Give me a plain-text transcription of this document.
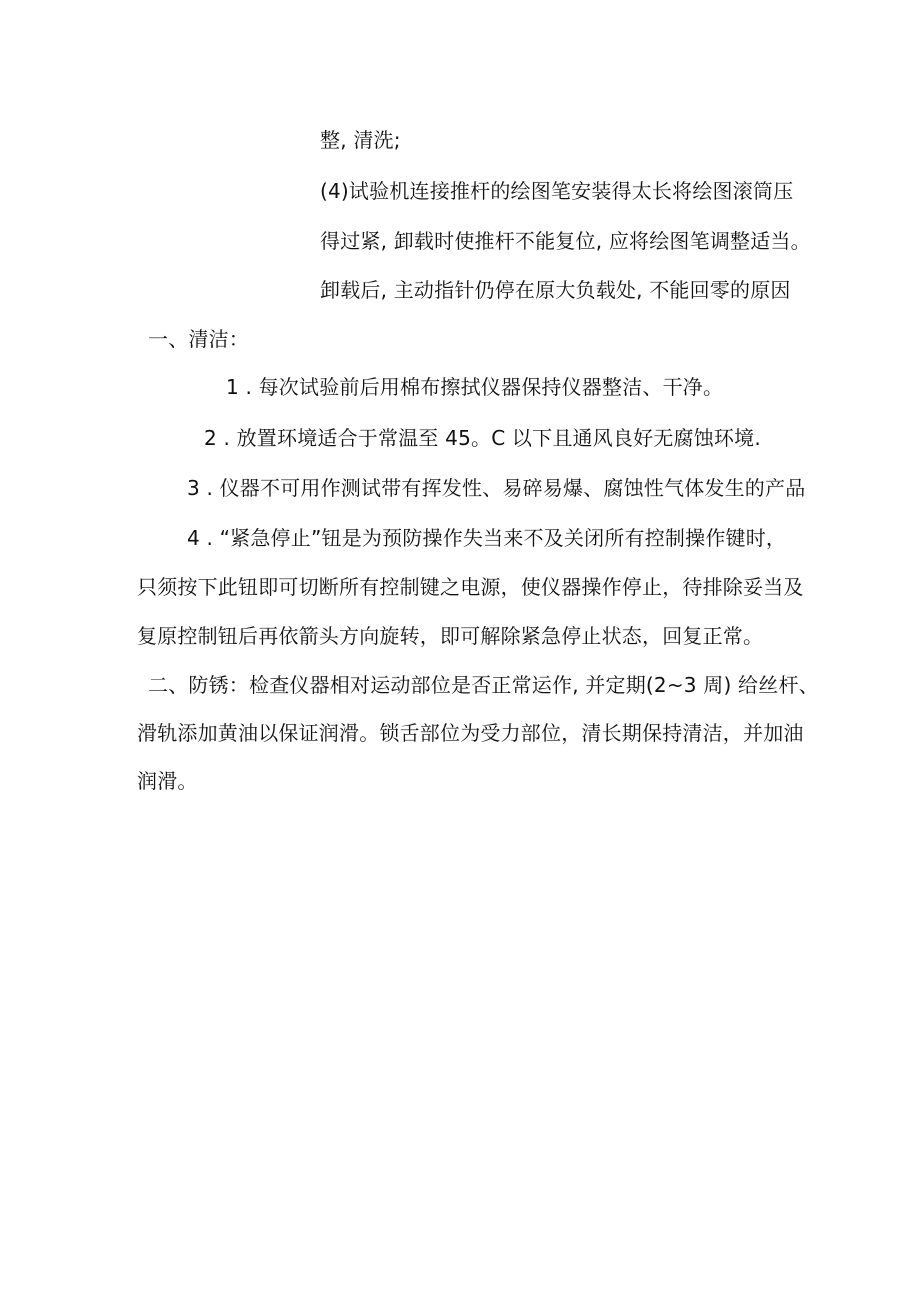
整, 清洗;
(4)试验机连接推杆的绘图笔安装得太长将绘图滚筒压
得过紧, 卸载时使推杆不能复位, 应将绘图笔调整适当。
卸载后, 主动指针仍停在原大负载处, 不能回零的原因
一、清洁：
1 . 每次试验前后用棉布擦拭仪器保持仪器整洁、干净。
2 . 放置环境适合于常温至 45。C 以下且通风良好无腐蚀环境.
3 . 仪器不可用作测试带有挥发性、易碎易爆、腐蚀性气体发生的产品
4 . “紧急停止”钮是为预防操作失当来不及关闭所有控制操作键时，
只须按下此钮即可切断所有控制键之电源，使仪器操作停止，待排除妥当及
复原控制钮后再依箭头方向旋转，即可解除紧急停止状态，回复正常。
二、防锈：检查仪器相对运动部位是否正常运作, 并定期(2~3 周) 给丝杆、
滑轨添加黄油以保证润滑。锁舌部位为受力部位，清长期保持清洁，并加油
润滑。
